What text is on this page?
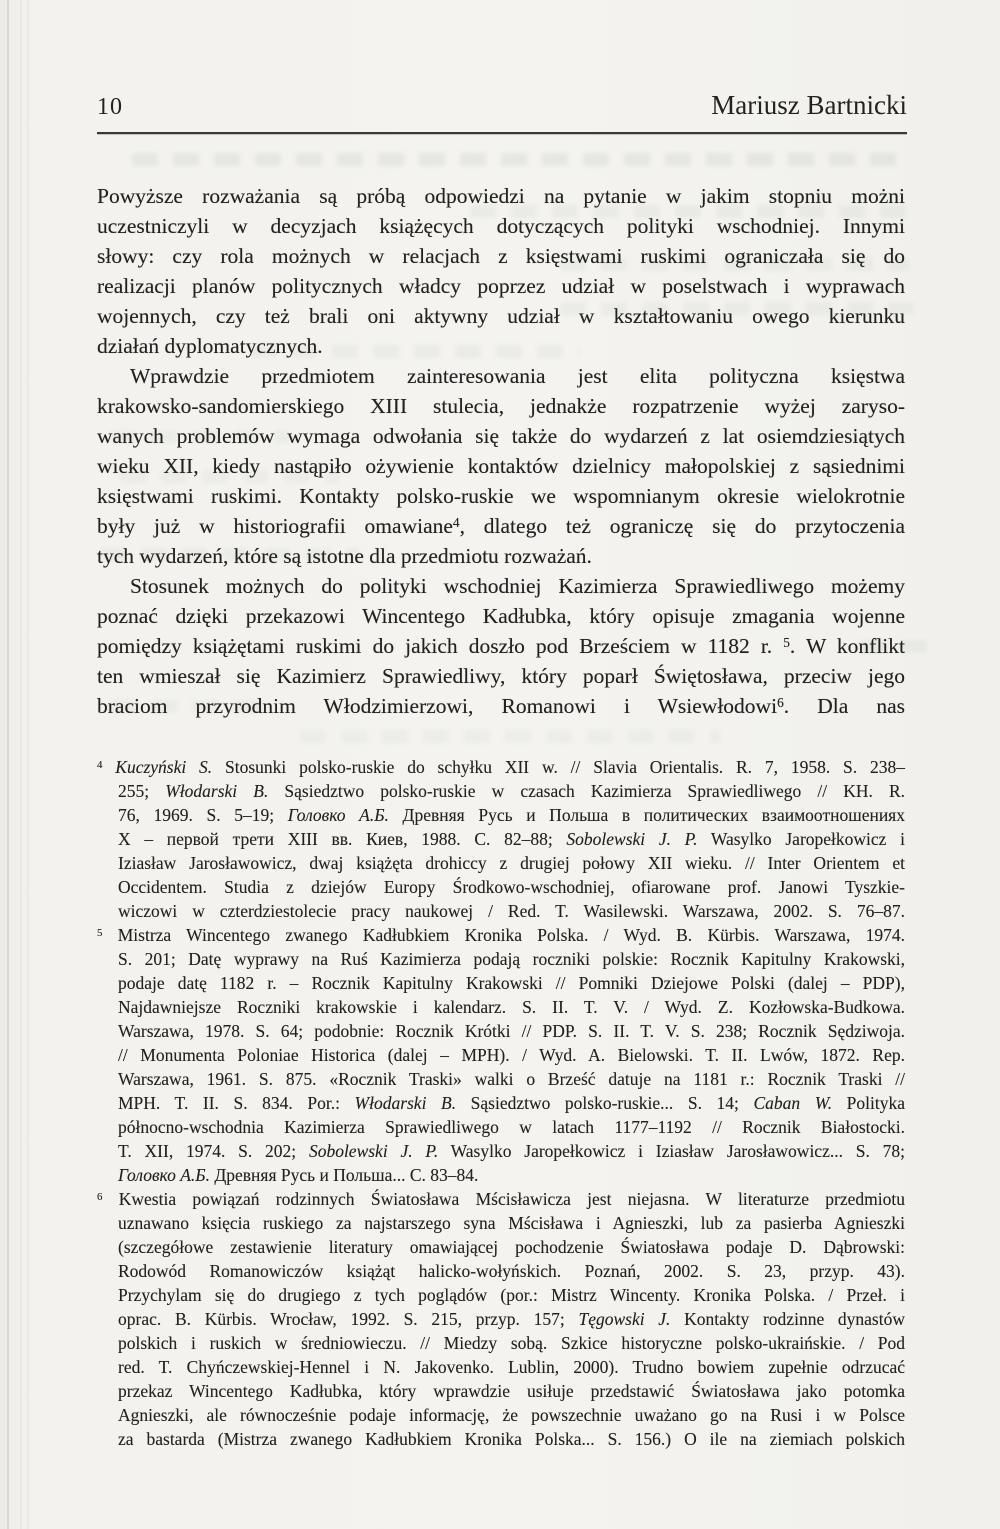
10	Mariusz Bartnicki
Powyższe rozważania są próbą odpowiedzi na pytanie w jakim stopniu możni
uczestniczyli w decyzjach książęcych dotyczących polityki wschodniej. Innymi
słowy: czy rola możnych w relacjach z księstwami ruskimi ograniczała się do
realizacji planów politycznych władcy poprzez udział w poselstwach i wyprawach
wojennych, czy też brali oni aktywny udział w kształtowaniu owego kierunku
działań dyplomatycznych.
Wprawdzie przedmiotem zainteresowania jest elita polityczna księstwa
krakowsko-sandomierskiego XIII stulecia, jednakże rozpatrzenie wyżej zaryso-
wanych problemów wymaga odwołania się także do wydarzeń z lat osiemdziesiątych
wieku XII, kiedy nastąpiło ożywienie kontaktów dzielnicy małopolskiej z sąsiednimi
księstwami ruskimi. Kontakty polsko-ruskie we wspomnianym okresie wielokrotnie
były już w historiografii omawiane$^4$, dlatego też ograniczę się do przytoczenia
tych wydarzeń, które są istotne dla przedmiotu rozważań.
Stosunek możnych do polityki wschodniej Kazimierza Sprawiedliwego możemy
poznać dzięki przekazowi Wincentego Kadłubka, który opisuje zmagania wojenne
pomiędzy książętami ruskimi do jakich doszło pod Brześciem w 1182 r. $^5$. W konflikt
ten wmieszał się Kazimierz Sprawiedliwy, który poparł Świętosława, przeciw jego
braciom przyrodnim Włodzimierzowi, Romanowi i Wsiewłodowi$^6$. Dla nas
$^4$ Kuczyński S. Stosunki polsko-ruskie do schyłku XII w. // Slavia Orientalis. R. 7, 1958. S. 238–
255; Włodarski B. Sąsiedztwo polsko-ruskie w czasach Kazimierza Sprawiedliwego // KH. R.
76, 1969. S. 5–19; Головко А.Б. Древняя Русь и Польша в политических взаимоотношениях
X – первой трети XIII вв. Киев, 1988. С. 82–88; Sobolewski J. P. Wasylko Jaropełkowicz i
Iziasław Jarosławowicz, dwaj książęta drohiccy z drugiej połowy XII wieku. // Inter Orientem et
Occidentem. Studia z dziejów Europy Środkowo-wschodniej, ofiarowane prof. Janowi Tyszkie-
wiczowi w czterdziestolecie pracy naukowej / Red. T. Wasilewski. Warszawa, 2002. S. 76–87.
$^5$ Mistrza Wincentego zwanego Kadłubkiem Kronika Polska. / Wyd. B. Kürbis. Warszawa, 1974.
S. 201; Datę wyprawy na Ruś Kazimierza podają roczniki polskie: Rocznik Kapitulny Krakowski,
podaje datę 1182 r. – Rocznik Kapitulny Krakowski // Pomniki Dziejowe Polski (dalej – PDP),
Najdawniejsze Roczniki krakowskie i kalendarz. S. II. T. V. / Wyd. Z. Kozłowska-Budkowa.
Warszawa, 1978. S. 64; podobnie: Rocznik Krótki // PDP. S. II. T. V. S. 238; Rocznik Sędziwoja.
// Monumenta Poloniae Historica (dalej – MPH). / Wyd. A. Bielowski. T. II. Lwów, 1872. Rep.
Warszawa, 1961. S. 875. «Rocznik Traski» walki o Brześć datuje na 1181 r.: Rocznik Traski //
MPH. T. II. S. 834. Por.: Włodarski B. Sąsiedztwo polsko-ruskie... S. 14; Caban W. Polityka
północno-wschodnia Kazimierza Sprawiedliwego w latach 1177–1192 // Rocznik Białostocki.
T. XII, 1974. S. 202; Sobolewski J. P. Wasylko Jaropełkowicz i Iziasław Jarosławowicz... S. 78;
Головко А.Б. Древняя Русь и Польша... C. 83–84.
$^6$ Kwestia powiązań rodzinnych Światosława Mścisławicza jest niejasna. W literaturze przedmiotu
uznawano księcia ruskiego za najstarszego syna Mścisława i Agnieszki, lub za pasierba Agnieszki
(szczegółowe zestawienie literatury omawiającej pochodzenie Światosława podaje D. Dąbrowski:
Rodowód Romanowiczów książąt halicko-wołyńskich. Poznań, 2002. S. 23, przyp. 43).
Przychylam się do drugiego z tych poglądów (por.: Mistrz Wincenty. Kronika Polska. / Przeł. i
oprac. B. Kürbis. Wrocław, 1992. S. 215, przyp. 157; Tęgowski J. Kontakty rodzinne dynastów
polskich i ruskich w średniowieczu. // Miedzy sobą. Szkice historyczne polsko-ukraińskie. / Pod
red. T. Chyńczewskiej-Hennel i N. Jakovenko. Lublin, 2000). Trudno bowiem zupełnie odrzucać
przekaz Wincentego Kadłubka, który wprawdzie usiłuje przedstawić Światosława jako potomka
Agnieszki, ale równocześnie podaje informację, że powszechnie uważano go na Rusi i w Polsce
za bastarda (Mistrza zwanego Kadłubkiem Kronika Polska... S. 156.) O ile na ziemiach polskich
